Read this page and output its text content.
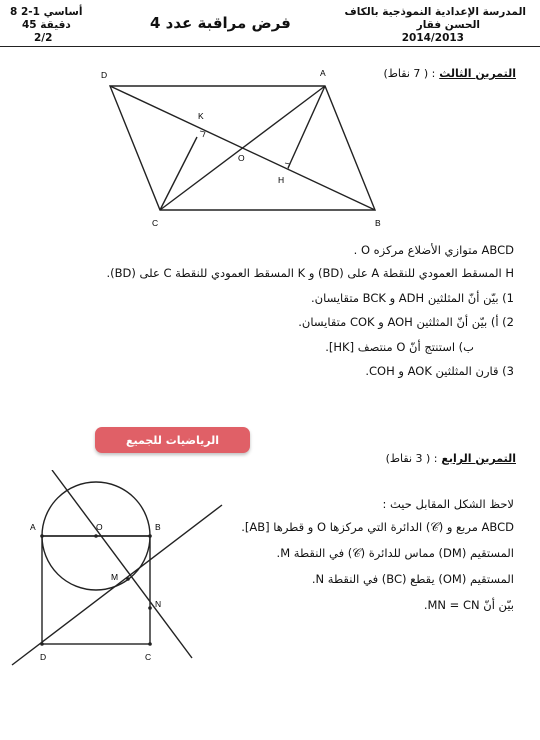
8 أساسي 1-2
45 دقيقة
2/2
فرض مراقبة عدد 4
المدرسة الإعدادية النموذجية بالكاف
الحسن فقار
2014/2013
التمرين الثالث : ( 7 نقاط)
D	A
C	B
O
K
H
ABCD متوازي الأضلاع مركزه O .
H المسقط العمودي للنقطة A على (BD) و K المسقط العمودي للنقطة C على (BD).
1) بيّن أنّ المثلثين ADH و BCK متقايسان.
2) أ) بيّن أنّ المثلثين AOH و COK متقايسان.
ب) استنتج أنّ O منتصف [HK].
3) قارن المثلثين AOK و COH.
الرياضيات للجميع
التمرين الرابع : ( 3 نقاط)
A	O	B
M
N
D	C
لاحظ الشكل المقابل حيث :
ABCD مربع و (𝒞) الدائرة التي مركزها O و قطرها [AB].
المستقيم (DM) مماس للدائرة (𝒞) في النقطة M.
المستقيم (OM) يقطع (BC) في النقطة N.
بيّن أنّ MN = CN.
